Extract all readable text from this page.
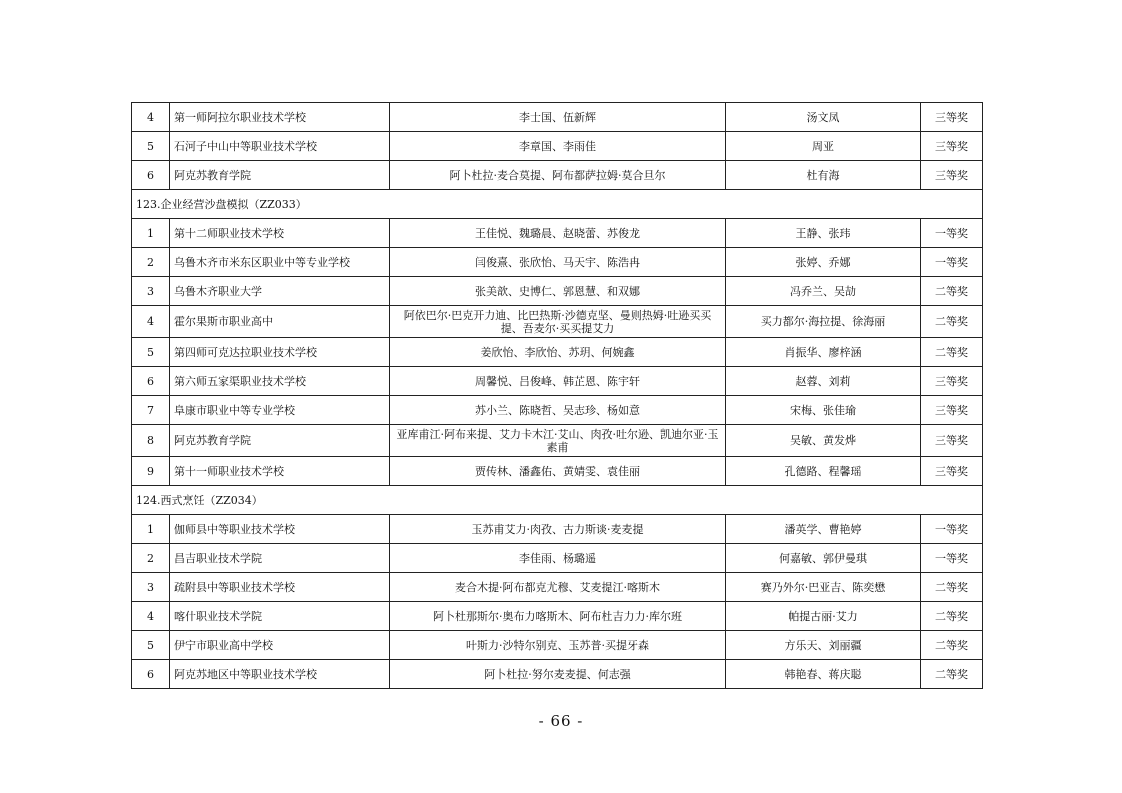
4	第一师阿拉尔职业技术学校	李士国、伍新辉	汤文凤	三等奖
5	石河子中山中等职业技术学校	李章国、李雨佳	周亚	三等奖
6	阿克苏教育学院	阿卜杜拉·麦合莫提、阿布都萨拉姆·莫合旦尔	杜有海	三等奖
123.企业经营沙盘模拟（ZZ033）				
1	第十二师职业技术学校	王佳悦、魏璐晨、赵晓蕾、苏俊龙	王静、张玮	一等奖
2	乌鲁木齐市米东区职业中等专业学校	闫俊熹、张欣怡、马天宇、陈浩冉	张婷、乔娜	一等奖
3	乌鲁木齐职业大学	张美歆、史博仁、郭恩慧、和双娜	冯乔兰、吴劼	二等奖
4	霍尔果斯市职业高中	阿依巴尔·巴克开力迪、比巴热斯·沙德克坚、曼则热姆·吐逊买买提、吾麦尔·买买提艾力	买力都尔·海拉提、徐海丽	二等奖
5	第四师可克达拉职业技术学校	姜欣怡、李欣怡、苏玥、何婉鑫	肖振华、廖梓涵	二等奖
6	第六师五家渠职业技术学校	周馨悦、吕俊峰、韩芷恩、陈宇轩	赵蓉、刘莉	三等奖
7	阜康市职业中等专业学校	苏小兰、陈晓哲、吴志珍、杨如意	宋梅、张佳瑜	三等奖
8	阿克苏教育学院	亚库甫江·阿布来提、艾力卡木江·艾山、肉孜·吐尔逊、凯迪尔亚·玉素甫	吴敏、黄发烨	三等奖
9	第十一师职业技术学校	贾传林、潘鑫佑、黄婧雯、袁佳丽	孔德路、程馨瑶	三等奖
124.西式烹饪（ZZ034）				
1	伽师县中等职业技术学校	玉苏甫艾力·肉孜、古力斯谈·麦麦提	潘英学、曹艳婷	一等奖
2	昌吉职业技术学院	李佳雨、杨璐遥	何嘉敏、郭伊曼琪	一等奖
3	疏附县中等职业技术学校	麦合木提·阿布都克尤穆、艾麦提江·喀斯木	赛乃外尔·巴亚吉、陈奕懋	二等奖
4	喀什职业技术学院	阿卜杜那斯尔·奥布力喀斯木、阿布杜吉力力·库尔班	帕提古丽·艾力	二等奖
5	伊宁市职业高中学校	叶斯力·沙特尔别克、玉苏普·买提牙森	方乐天、刘丽疆	二等奖
6	阿克苏地区中等职业技术学校	阿卜杜拉·努尔麦麦提、何志强	韩艳春、蒋庆聪	二等奖
- 66 -
